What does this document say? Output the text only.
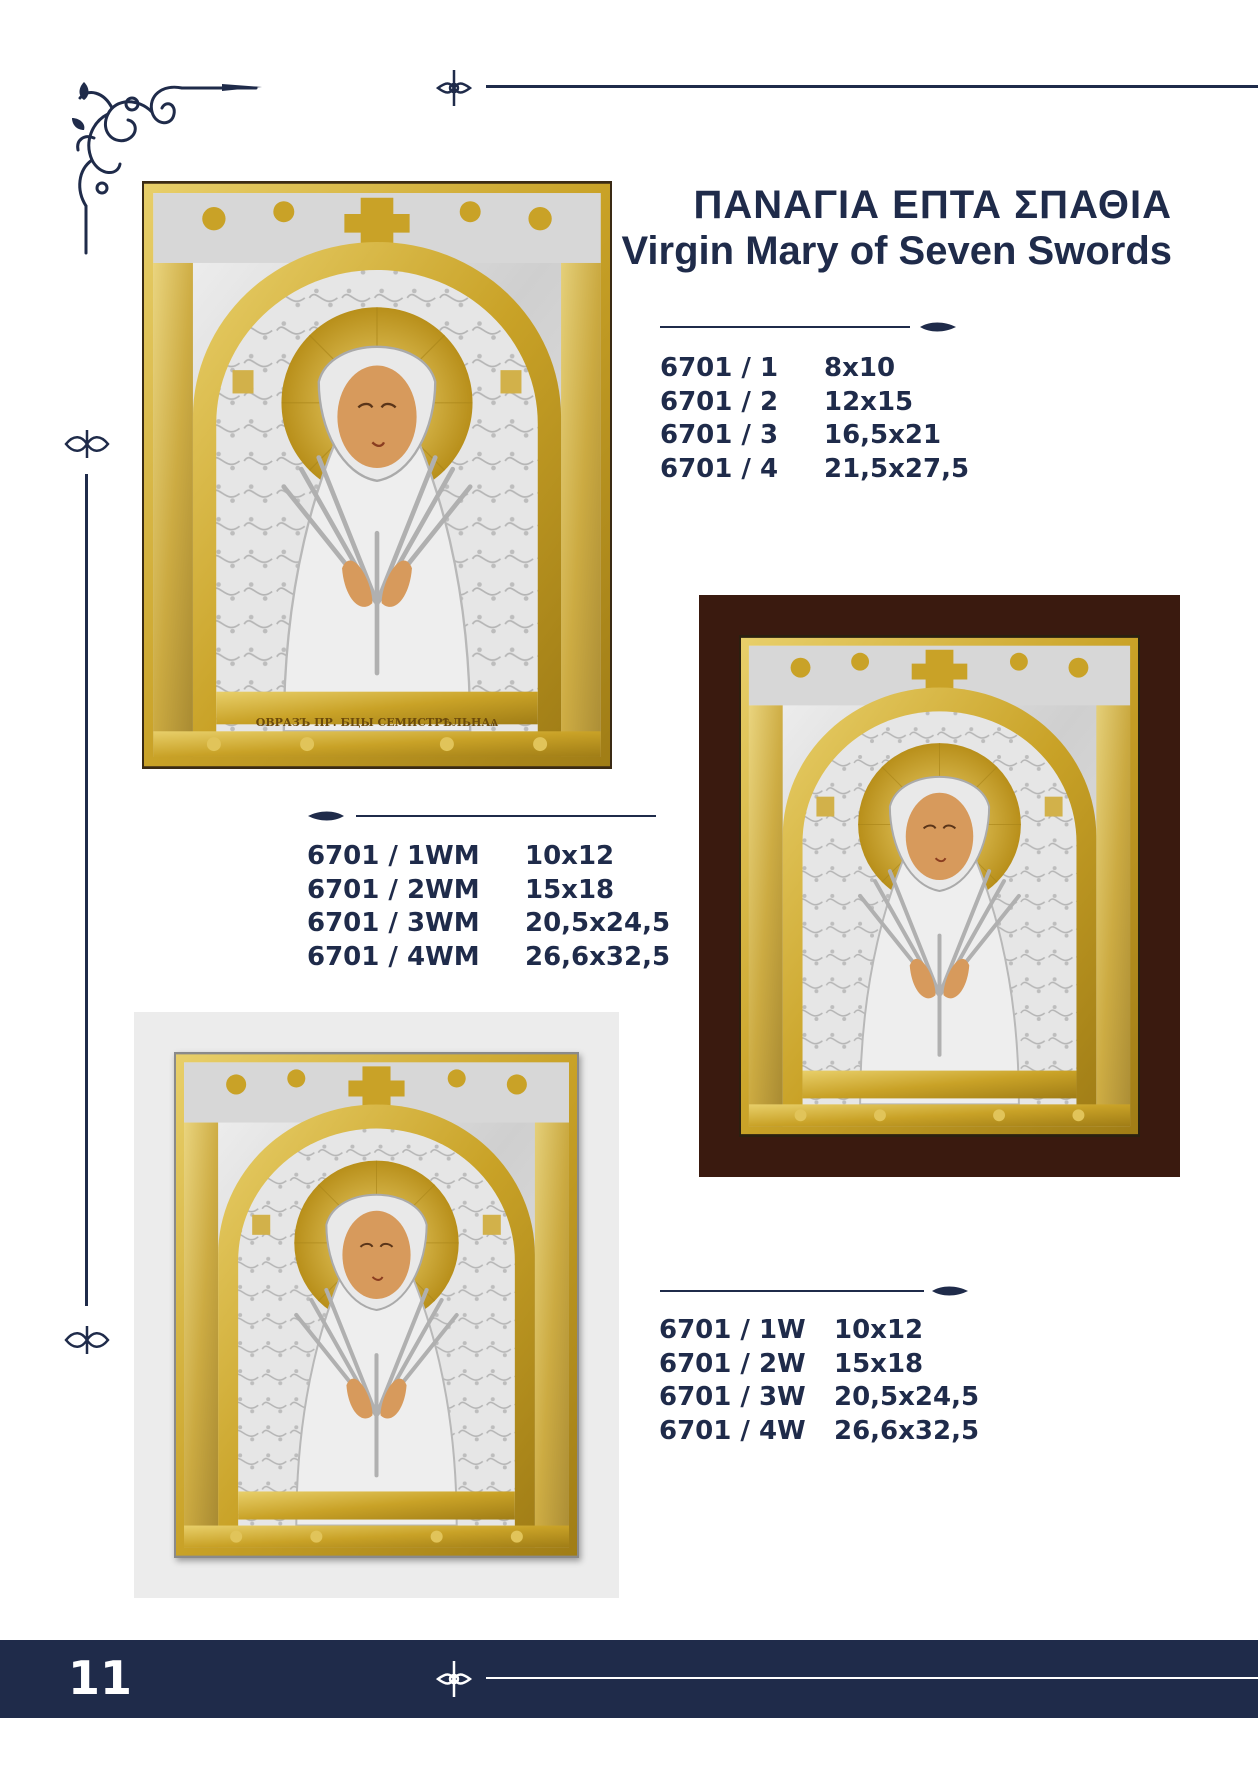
ΠΑΝΑΓΙΑ ΕΠΤΑ ΣΠΑΘΙΑ
Virgin Mary of Seven Swords
6701 / 1	8x10
6701 / 2	12x15
6701 / 3	16,5x21
6701 / 4	21,5x27,5
ΟΒРАЗЪ ПР. БЦЫ СЕМИСТРѢЛЬНАѦ
6701 / 1WM	10x12
6701 / 2WM	15x18
6701 / 3WM	20,5x24,5
6701 / 4WM	26,6x32,5
6701 / 1W	10x12
6701 / 2W	15x18
6701 / 3W	20,5x24,5
6701 / 4W	26,6x32,5
11
